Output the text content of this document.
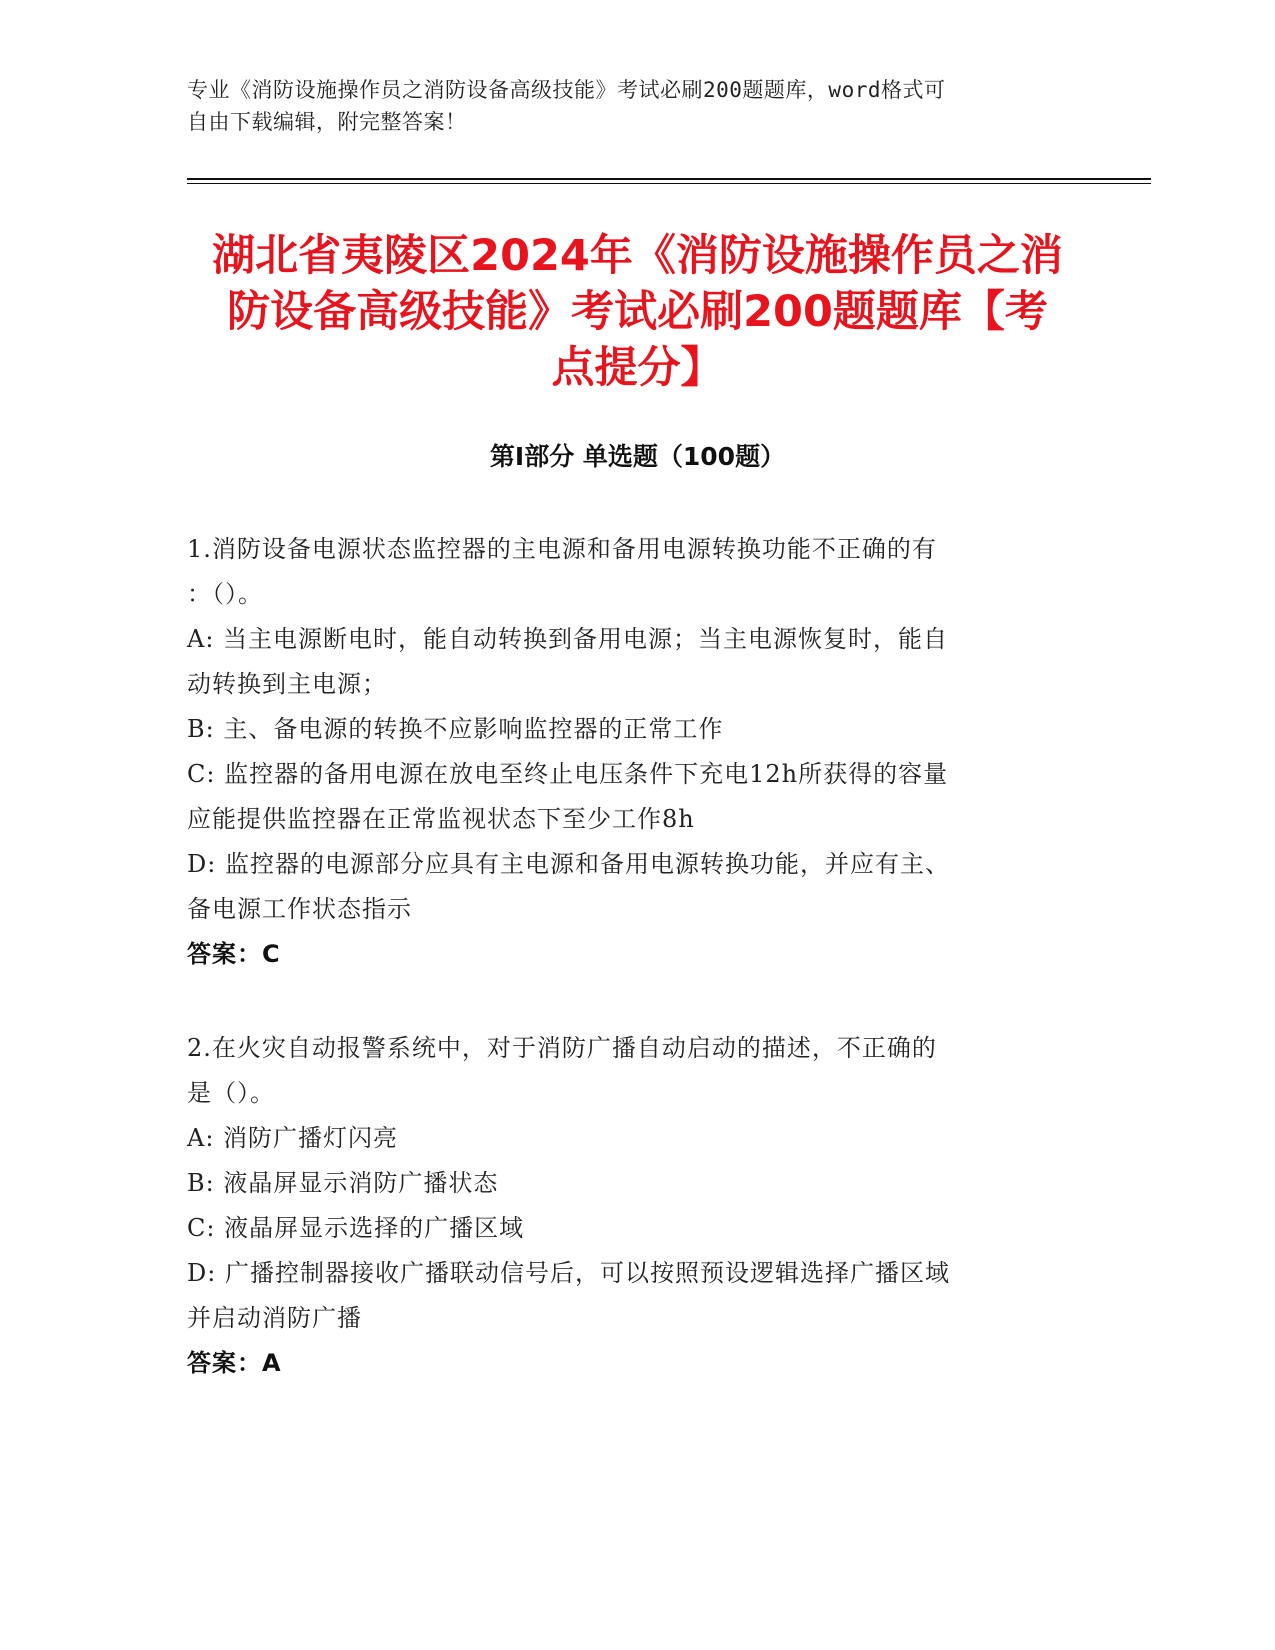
专业《消防设施操作员之消防设备高级技能》考试必刷200题题库，word格式可
自由下载编辑，附完整答案！
湖北省夷陵区2024年《消防设施操作员之消
防设备高级技能》考试必刷200题题库【考
点提分】
第I部分 单选题（100题）
1.消防设备电源状态监控器的主电源和备用电源转换功能不正确的有
：（）。
A: 当主电源断电时，能自动转换到备用电源；当主电源恢复时，能自
动转换到主电源；
B: 主、备电源的转换不应影响监控器的正常工作
C: 监控器的备用电源在放电至终止电压条件下充电12h所获得的容量
应能提供监控器在正常监视状态下至少工作8h
D: 监控器的电源部分应具有主电源和备用电源转换功能，并应有主、
备电源工作状态指示
答案：C
2.在火灾自动报警系统中，对于消防广播自动启动的描述，不正确的
是（）。
A: 消防广播灯闪亮
B: 液晶屏显示消防广播状态
C: 液晶屏显示选择的广播区域
D: 广播控制器接收广播联动信号后，可以按照预设逻辑选择广播区域
并启动消防广播
答案：A
